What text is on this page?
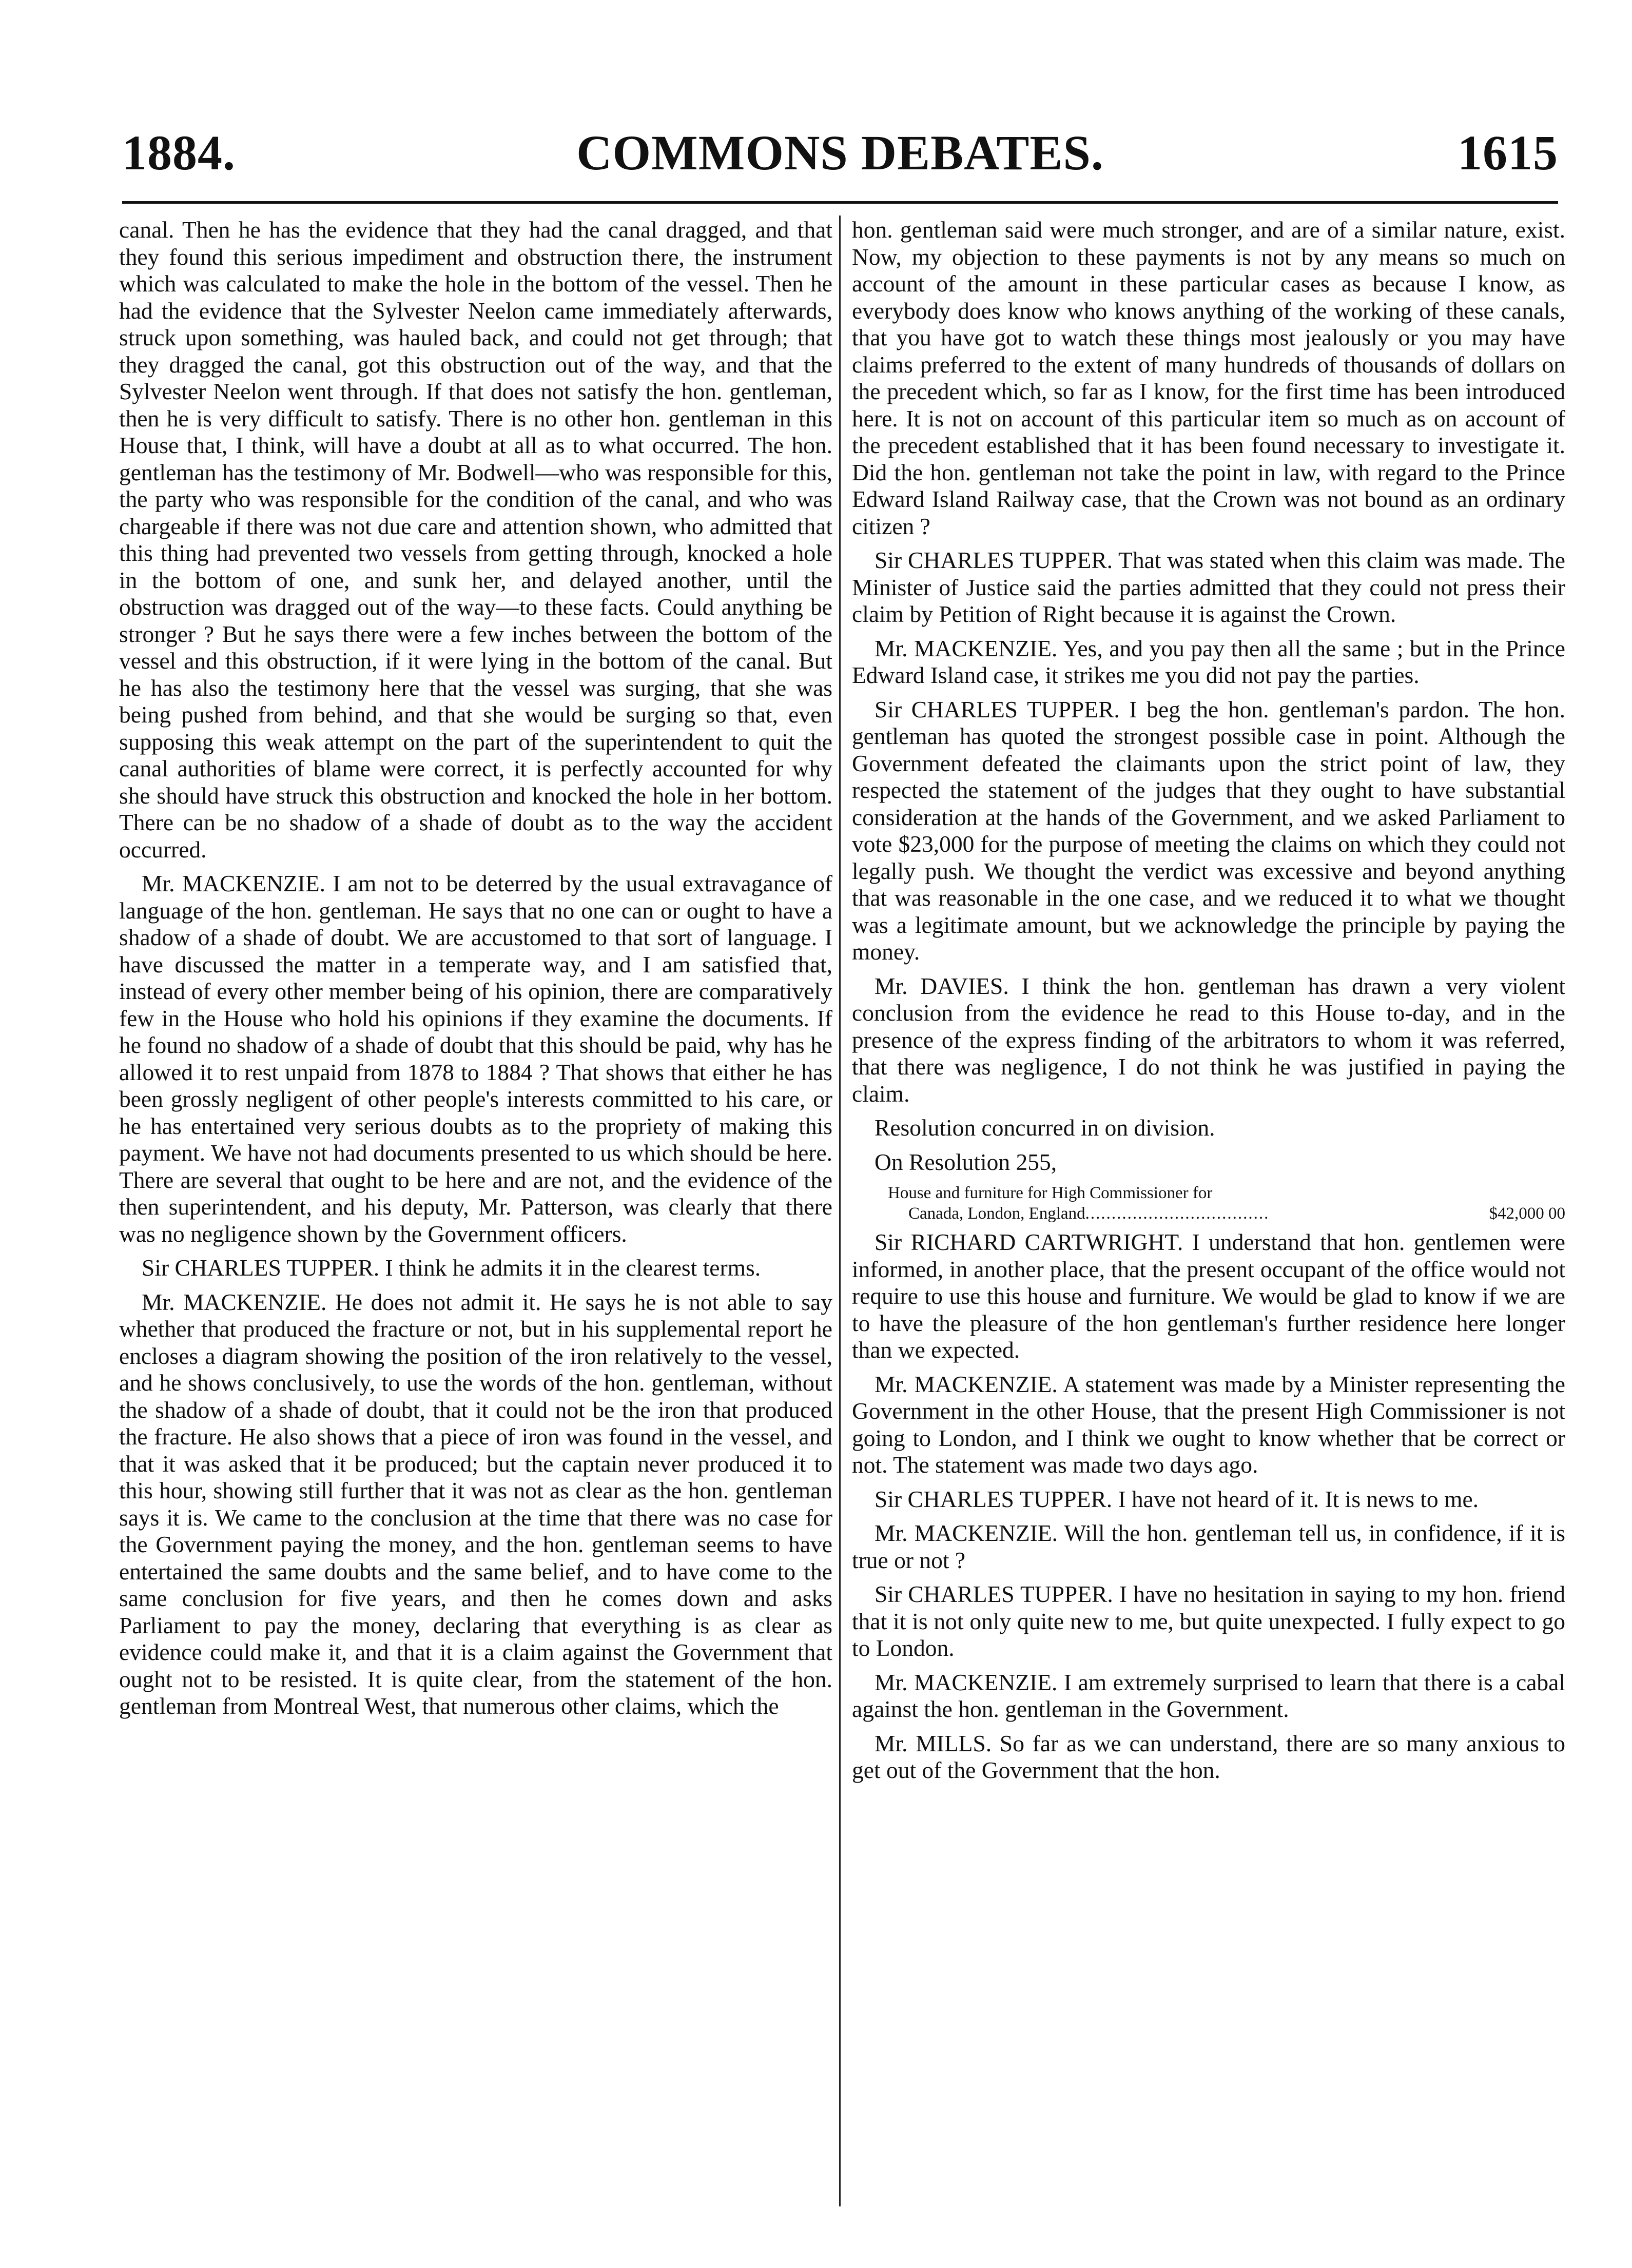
1884.	COMMONS DEBATES.	1615

canal. Then he has the evidence that they had the canal dragged, and that they found this serious impediment and obstruction there, the instrument which was calculated to make the hole in the bottom of the vessel. Then he had the evidence that the Sylvester Neelon came immediately afterwards, struck upon something, was hauled back, and could not get through; that they dragged the canal, got this obstruction out of the way, and that the Sylvester Neelon went through. If that does not satisfy the hon. gentleman, then he is very difficult to satisfy. There is no other hon. gentleman in this House that, I think, will have a doubt at all as to what occurred. The hon. gentleman has the testimony of Mr. Bodwell—who was responsible for this, the party who was responsible for the condition of the canal, and who was chargeable if there was not due care and attention shown, who admitted that this thing had prevented two vessels from getting through, knocked a hole in the bottom of one, and sunk her, and delayed another, until the obstruction was dragged out of the way—to these facts. Could anything be stronger ? But he says there were a few inches between the bottom of the vessel and this obstruction, if it were lying in the bottom of the canal. But he has also the testimony here that the vessel was surging, that she was being pushed from behind, and that she would be surging so that, even supposing this weak attempt on the part of the superintendent to quit the canal authorities of blame were correct, it is perfectly accounted for why she should have struck this obstruction and knocked the hole in her bottom. There can be no shadow of a shade of doubt as to the way the accident occurred.

Mr. MACKENZIE. I am not to be deterred by the usual extravagance of language of the hon. gentleman. He says that no one can or ought to have a shadow of a shade of doubt. We are accustomed to that sort of language. I have discussed the matter in a temperate way, and I am satisfied that, instead of every other member being of his opinion, there are comparatively few in the House who hold his opinions if they examine the documents. If he found no shadow of a shade of doubt that this should be paid, why has he allowed it to rest unpaid from 1878 to 1884 ? That shows that either he has been grossly negligent of other people's interests committed to his care, or he has entertained very serious doubts as to the propriety of making this payment. We have not had documents presented to us which should be here. There are several that ought to be here and are not, and the evidence of the then superintendent, and his deputy, Mr. Patterson, was clearly that there was no negligence shown by the Government officers.

Sir CHARLES TUPPER. I think he admits it in the clearest terms.

Mr. MACKENZIE. He does not admit it. He says he is not able to say whether that produced the fracture or not, but in his supplemental report he encloses a diagram showing the position of the iron relatively to the vessel, and he shows conclusively, to use the words of the hon. gentleman, without the shadow of a shade of doubt, that it could not be the iron that produced the fracture. He also shows that a piece of iron was found in the vessel, and that it was asked that it be produced; but the captain never produced it to this hour, showing still further that it was not as clear as the hon. gentleman says it is. We came to the conclusion at the time that there was no case for the Government paying the money, and the hon. gentleman seems to have entertained the same doubts and the same belief, and to have come to the same conclusion for five years, and then he comes down and asks Parliament to pay the money, declaring that everything is as clear as evidence could make it, and that it is a claim against the Government that ought not to be resisted. It is quite clear, from the statement of the hon. gentleman from Montreal West, that numerous other claims, which the

hon. gentleman said were much stronger, and are of a similar nature, exist. Now, my objection to these payments is not by any means so much on account of the amount in these particular cases as because I know, as everybody does know who knows anything of the working of these canals, that you have got to watch these things most jealously or you may have claims preferred to the extent of many hundreds of thousands of dollars on the precedent which, so far as I know, for the first time has been introduced here. It is not on account of this particular item so much as on account of the precedent established that it has been found necessary to investigate it. Did the hon. gentleman not take the point in law, with regard to the Prince Edward Island Railway case, that the Crown was not bound as an ordinary citizen ?

Sir CHARLES TUPPER. That was stated when this claim was made. The Minister of Justice said the parties admitted that they could not press their claim by Petition of Right because it is against the Crown.

Mr. MACKENZIE. Yes, and you pay then all the same ; but in the Prince Edward Island case, it strikes me you did not pay the parties.

Sir CHARLES TUPPER. I beg the hon. gentleman's pardon. The hon. gentleman has quoted the strongest possible case in point. Although the Government defeated the claimants upon the strict point of law, they respected the statement of the judges that they ought to have substantial consideration at the hands of the Government, and we asked Parliament to vote $23,000 for the purpose of meeting the claims on which they could not legally push. We thought the verdict was excessive and beyond anything that was reasonable in the one case, and we reduced it to what we thought was a legitimate amount, but we acknowledge the principle by paying the money.

Mr. DAVIES. I think the hon. gentleman has drawn a very violent conclusion from the evidence he read to this House to-day, and in the presence of the express finding of the arbitrators to whom it was referred, that there was negligence, I do not think he was justified in paying the claim.

Resolution concurred in on division.

On Resolution 255,

House and furniture for High Commissioner for
Canada, London, England ...................................	$42,000 00

Sir RICHARD CARTWRIGHT. I understand that hon. gentlemen were informed, in another place, that the present occupant of the office would not require to use this house and furniture. We would be glad to know if we are to have the pleasure of the hon gentleman's further residence here longer than we expected.

Mr. MACKENZIE. A statement was made by a Minister representing the Government in the other House, that the present High Commissioner is not going to London, and I think we ought to know whether that be correct or not. The statement was made two days ago.

Sir CHARLES TUPPER. I have not heard of it. It is news to me.

Mr. MACKENZIE. Will the hon. gentleman tell us, in confidence, if it is true or not ?

Sir CHARLES TUPPER. I have no hesitation in saying to my hon. friend that it is not only quite new to me, but quite unexpected. I fully expect to go to London.

Mr. MACKENZIE. I am extremely surprised to learn that there is a cabal against the hon. gentleman in the Government.

Mr. MILLS. So far as we can understand, there are so many anxious to get out of the Government that the hon.
